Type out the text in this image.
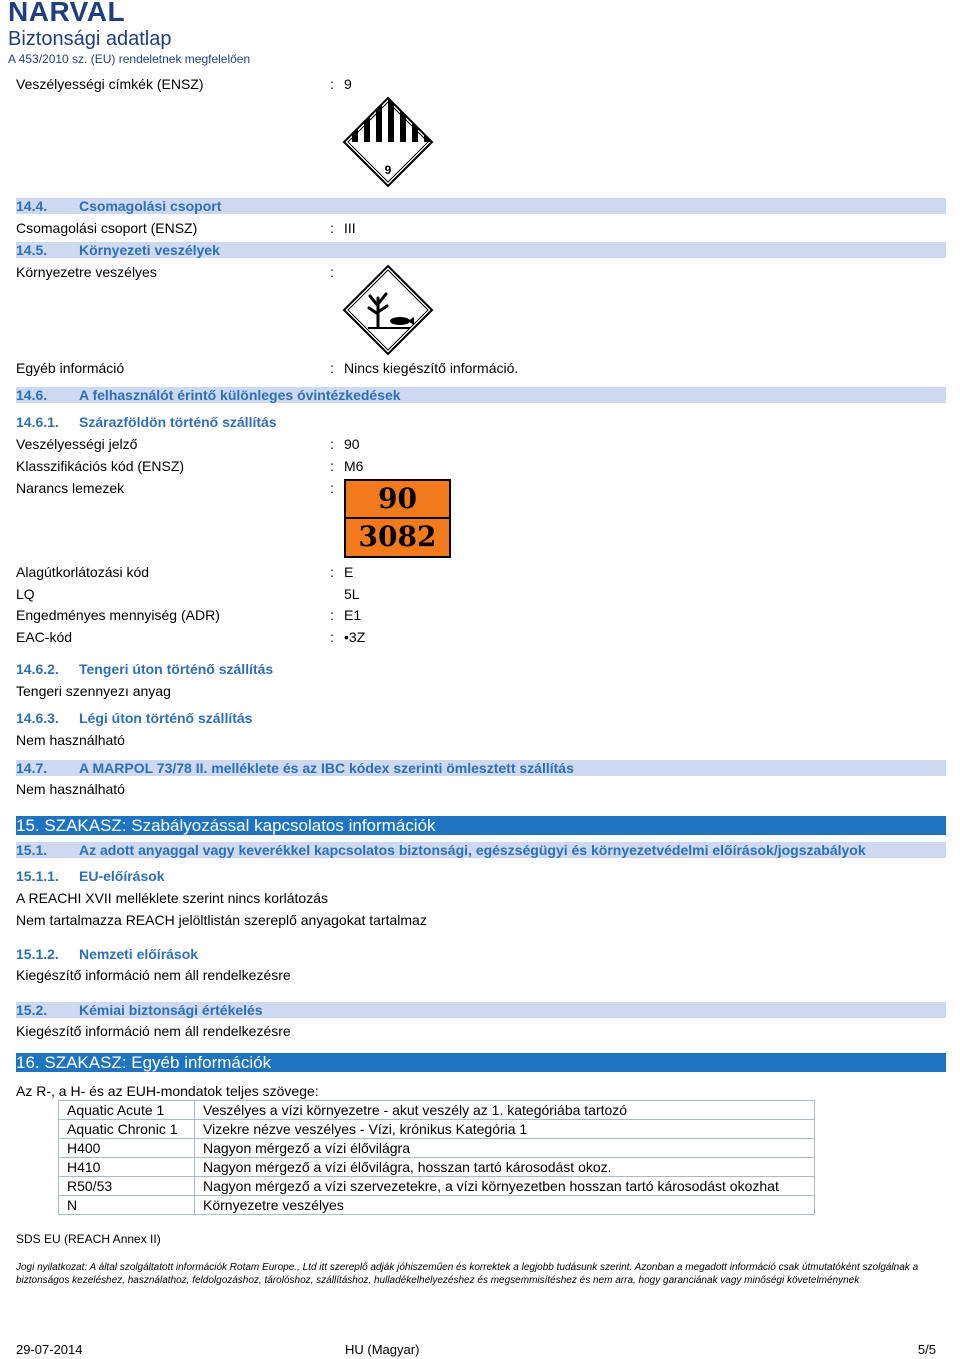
NARVAL
Biztonsági adatlap
A 453/2010 sz. (EU) rendeletnek megfelelően
Veszélyességi címkék (ENSZ)	: 9
9
14.4. Csomagolási csoport
Csomagolási csoport (ENSZ)	: III
14.5. Környezeti veszélyek
Környezetre veszélyes	:
Egyéb információ	: Nincs kiegészítő információ.
14.6. A felhasználót érintő különleges óvintézkedések
14.6.1. Szárazföldön történő szállítás
Veszélyességi jelző	: 90
Klasszifikációs kód (ENSZ)	: M6
Narancs lemezek	:	90
3082
Alagútkorlátozási kód	: E
LQ	5L
Engedményes mennyiség (ADR)	: E1
EAC-kód	: •3Z
14.6.2. Tengeri úton történő szállítás
Tengeri szennyezı anyag
14.6.3. Légi úton történő szállítás
Nem használható
14.7. A MARPOL 73/78 II. melléklete és az IBC kódex szerinti ömlesztett szállítás
Nem használható
15. SZAKASZ: Szabályozással kapcsolatos információk
15.1. Az adott anyaggal vagy keverékkel kapcsolatos biztonsági, egészségügyi és környezetvédelmi előírások/jogszabályok
15.1.1. EU-előírások
A REACHI XVII melléklete szerint nincs korlátozás
Nem tartalmazza REACH jelöltlistán szereplő anyagokat tartalmaz
15.1.2. Nemzeti előírások
Kiegészítő információ nem áll rendelkezésre
15.2. Kémiai biztonsági értékelés
Kiegészítő információ nem áll rendelkezésre
16. SZAKASZ: Egyéb információk
Az R-, a H- és az EUH-mondatok teljes szövege:
Aquatic Acute 1	Veszélyes a vízi környezetre - akut veszély az 1. kategóriába tartozó
Aquatic Chronic 1	Vizekre nézve veszélyes - Vízi, krónikus Kategória 1
H400	Nagyon mérgező a vízi élővilágra
H410	Nagyon mérgező a vízi élővilágra, hosszan tartó károsodást okoz.
R50/53	Nagyon mérgező a vízi szervezetekre, a vízi környezetben hosszan tartó károsodást okozhat
N	Környezetre veszélyes
SDS EU (REACH Annex II)
Jogi nyilatkozat: A által szolgáltatott információk Rotam Europe., Ltd itt szereplő adják jóhiszeműen és korrektek a legjobb tudásunk szerint. Azonban a megadott információ csak útmutatóként szolgálnak a biztonságos kezeléshez, használathoz, feldolgozáshoz, tárolóshoz, szállításhoz, hulladékelhelyezéshez és megsemmisítéshez és nem arra, hogy garanciának vagy minőségi követelménynek
29-07-2014	HU (Magyar)	5/5
